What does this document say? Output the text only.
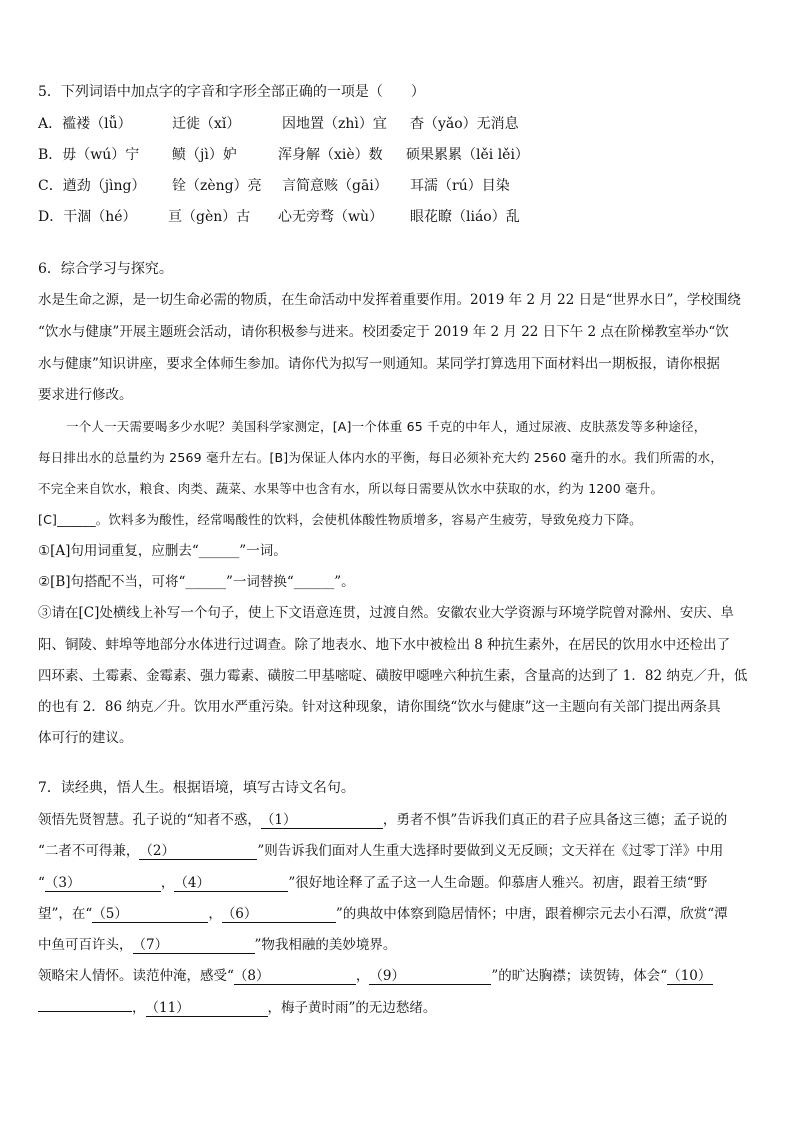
5．下列词语中加点字的字音和字形全部正确的一项是（　　）
A．褴褛（lǚ）	迁徙（xǐ）	因地置（zhì）宜 杳（yǎo）无消息
B．毋（wú）宁 鲼（jì）妒	浑身解（xiè）数 硕果累累（lěi lěi）
C．遒劲（jìng） 铨（zèng）亮 言简意赅（gāi） 耳濡（rú）目染
D．干涸（hé） 亘（gèn）古 心无旁骛（wù） 眼花瞭（liáo）乱
6．综合学习与探究。
水是生命之源，是一切生命必需的物质，在生命活动中发挥着重要作用。2019 年 2 月 22 日是“世界水日”，学校围绕
“饮水与健康”开展主题班会活动，请你积极参与进来。校团委定于 2019 年 2 月 22 日下午 2 点在阶梯教室举办“饮
水与健康”知识讲座，要求全体师生参加。请你代为拟写一则通知。某同学打算选用下面材料出一期板报，请你根据
要求进行修改。
一个人一天需要喝多少水呢？美国科学家测定，[A]一个体重 65 千克的中年人，通过尿液、皮肤蒸发等多种途径，
每日排出水的总量约为 2569 毫升左右。[B]为保证人体内水的平衡，每日必须补充大约 2560 毫升的水。我们所需的水，
不完全来自饮水，粮食、肉类、蔬菜、水果等中也含有水，所以每日需要从饮水中获取的水，约为 1200 毫升。
[C]______。饮料多为酸性，经常喝酸性的饮料，会使机体酸性物质增多，容易产生疲劳，导致免疫力下降。
①[A]句用词重复，应删去“______”一词。
②[B]句搭配不当，可将“______”一词替换“______”。
③请在[C]处横线上补写一个句子，使上下文语意连贯，过渡自然。安徽农业大学资源与环境学院曾对滁州、安庆、阜
阳、铜陵、蚌埠等地部分水体进行过调查。除了地表水、地下水中被检出 8 种抗生素外，在居民的饮用水中还检出了
四环素、土霉素、金霉素、强力霉素、磺胺二甲基嘧啶、磺胺甲噁唑六种抗生素，含量高的达到了 1．82 纳克／升，低
的也有 2．86 纳克／升。饮用水严重污染。针对这种现象，请你围绕“饮水与健康”这一主题向有关部门提出两条具
体可行的建议。
7．读经典，悟人生。根据语境，填写古诗文名句。
领悟先贤智慧。孔子说的“知者不惑，（1）	，勇者不惧”告诉我们真正的君子应具备这三德；孟子说的
“二者不可得兼，（2）	”则告诉我们面对人生重大选择时要做到义无反顾；文天祥在《过零丁洋》中用
“（3）	，（4）	”很好地诠释了孟子这一人生命题。仰慕唐人雅兴。初唐，跟着王绩“野
望”，在“（5）	，（6）	”的典故中体察到隐居情怀；中唐，跟着柳宗元去小石潭，欣赏“潭
中鱼可百许头，（7）	”物我相融的美妙境界。
领略宋人情怀。读范仲淹，感受“（8）	，（9）	”的旷达胸襟；读贺铸，体会“（10）
，（11）	，梅子黄时雨”的无边愁绪。
